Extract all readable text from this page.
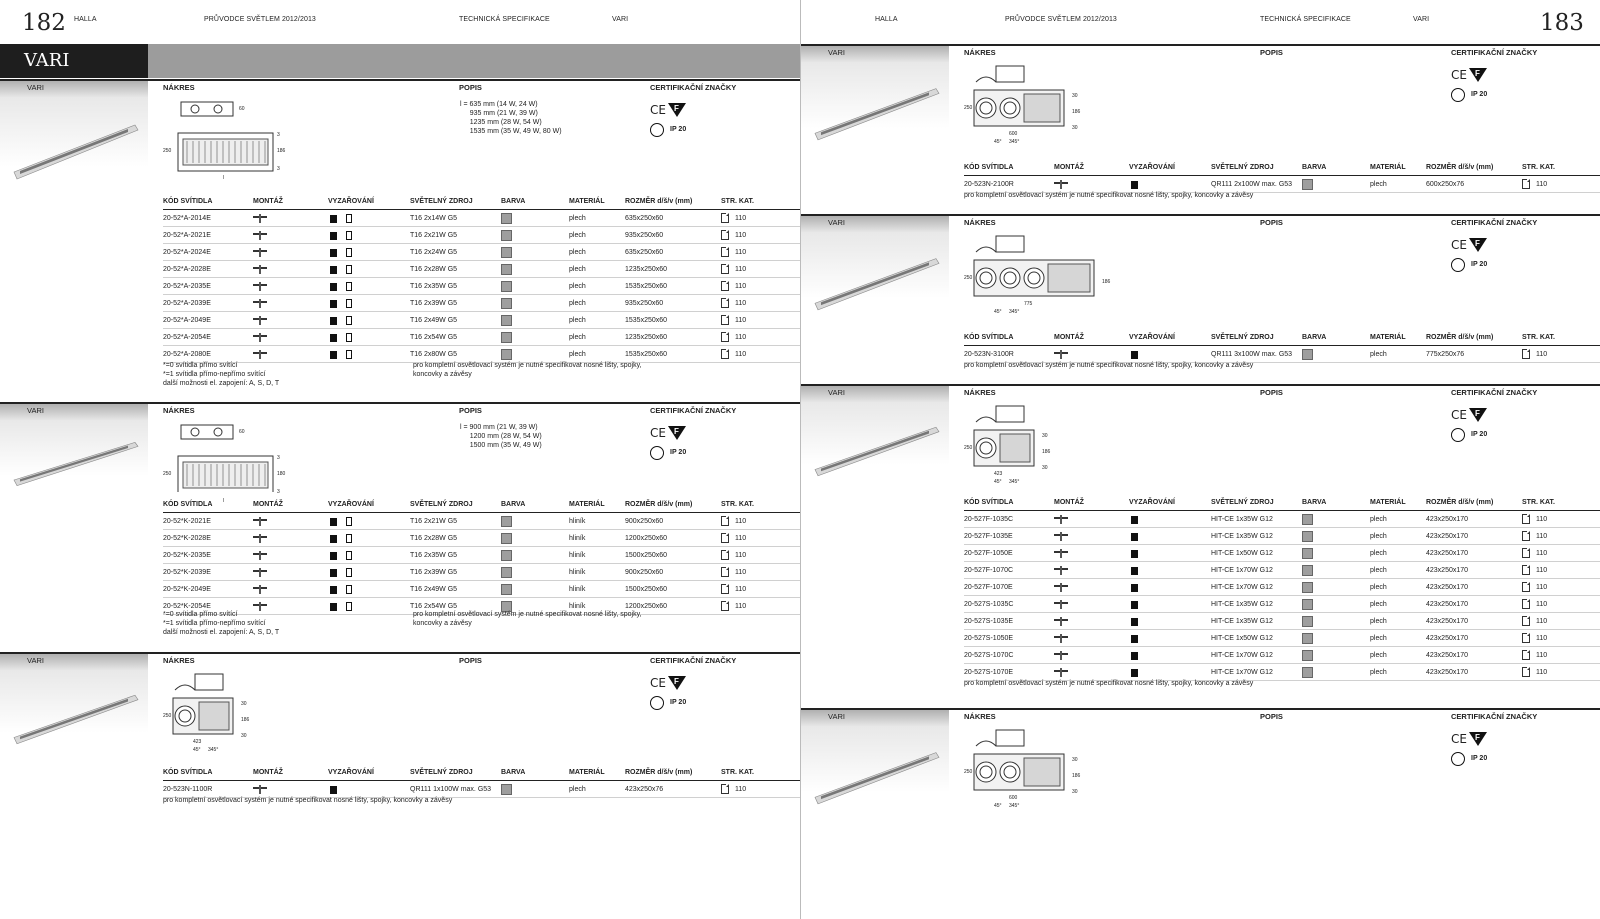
182 HALLA	PRŮVODCE SVĚTLEM 2012/2013	TECHNICKÁ SPECIFIKACE	VARI
VARI
VARI	NÁKRES	POPIS	CERTIFIKAČNÍ ZNAČKY
60
250	186
3
3
l
l = 635 mm (14 W, 24 W)
935 mm (21 W, 39 W)
1235 mm (28 W, 54 W)
1535 mm (35 W, 49 W, 80 W)
CE F
IP 20
KÓD SVÍTIDLA	MONTÁŽ	VYZAŘOVÁNÍ	SVĚTELNÝ ZDROJ	BARVA	MATERIÁL	ROZMĚR d/š/v (mm)	STR. KAT.
20-52*A-2014E	T16 2x14W G5	plech	635x250x60	110
20-52*A-2021E	T16 2x21W G5	plech	935x250x60	110
20-52*A-2024E	T16 2x24W G5	plech	635x250x60	110
20-52*A-2028E	T16 2x28W G5	plech	1235x250x60	110
20-52*A-2035E	T16 2x35W G5	plech	1535x250x60	110
20-52*A-2039E	T16 2x39W G5	plech	935x250x60	110
20-52*A-2049E	T16 2x49W G5	plech	1535x250x60	110
20-52*A-2054E	T16 2x54W G5	plech	1235x250x60	110
20-52*A-2080E	T16 2x80W G5	plech	1535x250x60	110
*=0 svítidla přímo svítící
*=1 svítidla přímo-nepřímo svítící
další možnosti el. zapojení: A, S, D, T
pro kompletní osvětlovací systém je nutné specifikovat nosné lišty, spojky,
koncovky a závěsy
VARI	NÁKRES	POPIS	CERTIFIKAČNÍ ZNAČKY
60
250	180
3
3
l
l = 900 mm (21 W, 39 W)
1200 mm (28 W, 54 W)
1500 mm (35 W, 49 W)
CE F
IP 20
KÓD SVÍTIDLA	MONTÁŽ	VYZAŘOVÁNÍ	SVĚTELNÝ ZDROJ	BARVA	MATERIÁL	ROZMĚR d/š/v (mm)	STR. KAT.
20-52*K-2021E	T16 2x21W G5	hliník	900x250x60	110
20-52*K-2028E	T16 2x28W G5	hliník	1200x250x60	110
20-52*K-2035E	T16 2x35W G5	hliník	1500x250x60	110
20-52*K-2039E	T16 2x39W G5	hliník	900x250x60	110
20-52*K-2049E	T16 2x49W G5	hliník	1500x250x60	110
20-52*K-2054E	T16 2x54W G5	hliník	1200x250x60	110
*=0 svítidla přímo svítící
*=1 svítidla přímo-nepřímo svítící
další možnosti el. zapojení: A, S, D, T
pro kompletní osvětlovací systém je nutné specifikovat nosné lišty, spojky,
koncovky a závěsy
VARI	NÁKRES	POPIS	CERTIFIKAČNÍ ZNAČKY
250
186
30
30
423
45° 345°
CE F
IP 20
KÓD SVÍTIDLA	MONTÁŽ	VYZAŘOVÁNÍ	SVĚTELNÝ ZDROJ	BARVA	MATERIÁL	ROZMĚR d/š/v (mm)	STR. KAT.
20-523N-1100R	QR111 1x100W max. G53	plech	423x250x76	110
pro kompletní osvětlovací systém je nutné specifikovat nosné lišty, spojky, koncovky a závěsy
183
HALLA	PRŮVODCE SVĚTLEM 2012/2013	TECHNICKÁ SPECIFIKACE	VARI
VARI	NÁKRES	POPIS	CERTIFIKAČNÍ ZNAČKY
250
186
30
30
600
45° 345°
CE F
IP 20
KÓD SVÍTIDLA	MONTÁŽ	VYZAŘOVÁNÍ	SVĚTELNÝ ZDROJ	BARVA	MATERIÁL	ROZMĚR d/š/v (mm)	STR. KAT.
20-523N-2100R	QR111 2x100W max. G53	plech	600x250x76	110
pro kompletní osvětlovací systém je nutné specifikovat nosné lišty, spojky, koncovky a závěsy
VARI	NÁKRES	POPIS	CERTIFIKAČNÍ ZNAČKY
250
186
775
45° 345°
CE F
IP 20
KÓD SVÍTIDLA	MONTÁŽ	VYZAŘOVÁNÍ	SVĚTELNÝ ZDROJ	BARVA	MATERIÁL	ROZMĚR d/š/v (mm)	STR. KAT.
20-523N-3100R	QR111 3x100W max. G53	plech	775x250x76	110
pro kompletní osvětlovací systém je nutné specifikovat nosné lišty, spojky, koncovky a závěsy
VARI	NÁKRES	POPIS	CERTIFIKAČNÍ ZNAČKY
250
186
30
30
423
45° 345°
CE F
IP 20
KÓD SVÍTIDLA	MONTÁŽ	VYZAŘOVÁNÍ	SVĚTELNÝ ZDROJ	BARVA	MATERIÁL	ROZMĚR d/š/v (mm)	STR. KAT.
20-527F-1035C	HIT-CE 1x35W G12	plech	423x250x170	110
20-527F-1035E	HIT-CE 1x35W G12	plech	423x250x170	110
20-527F-1050E	HIT-CE 1x50W G12	plech	423x250x170	110
20-527F-1070C	HIT-CE 1x70W G12	plech	423x250x170	110
20-527F-1070E	HIT-CE 1x70W G12	plech	423x250x170	110
20-527S-1035C	HIT-CE 1x35W G12	plech	423x250x170	110
20-527S-1035E	HIT-CE 1x35W G12	plech	423x250x170	110
20-527S-1050E	HIT-CE 1x50W G12	plech	423x250x170	110
20-527S-1070C	HIT-CE 1x70W G12	plech	423x250x170	110
20-527S-1070E	HIT-CE 1x70W G12	plech	423x250x170	110
pro kompletní osvětlovací systém je nutné specifikovat nosné lišty, spojky, koncovky a závěsy
VARI	NÁKRES	POPIS	CERTIFIKAČNÍ ZNAČKY
250
186
30
30
600
45° 345°
CE F
IP 20
